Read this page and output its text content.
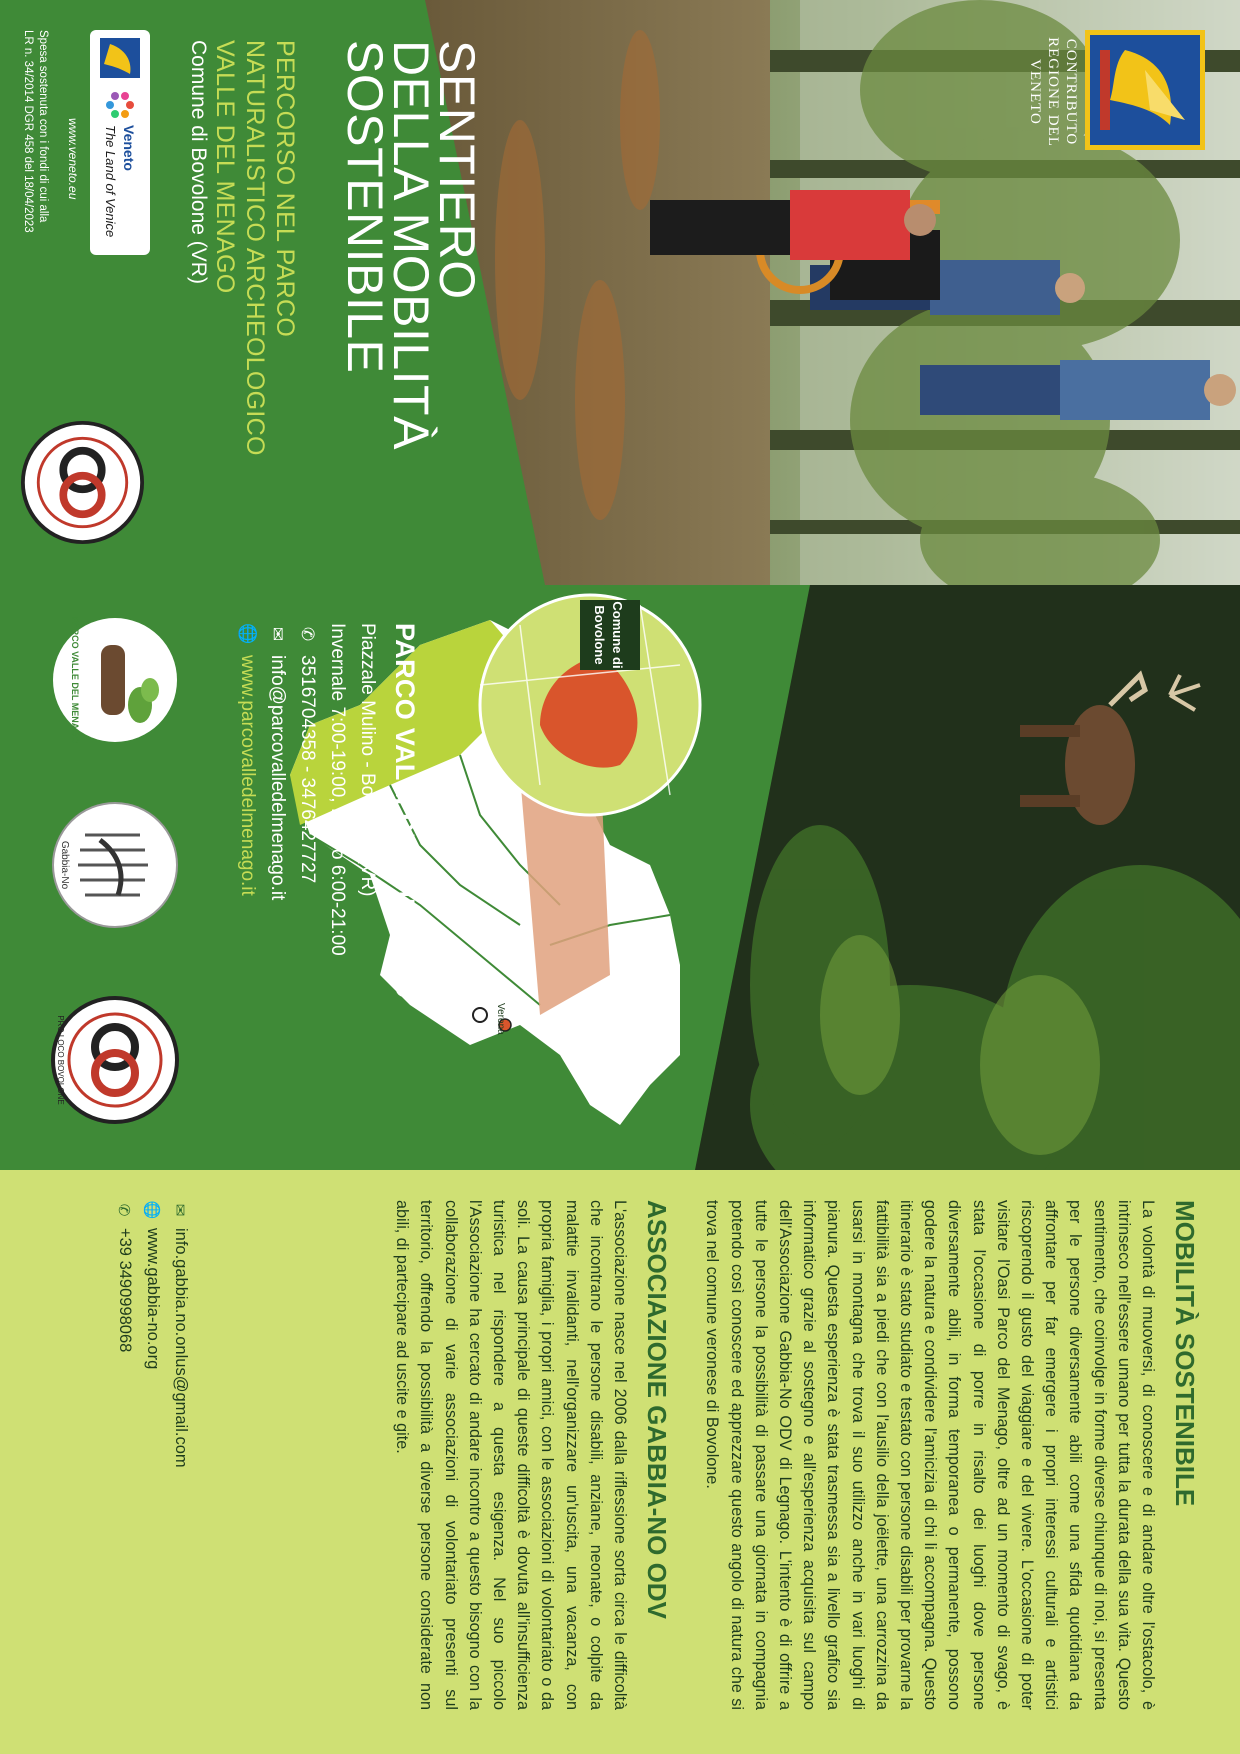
CONTRIBUTO
REGIONE DEL VENETO
SENTIERO
DELLA MOBILITÀ
SOSTENIBILE
PERCORSO NEL PARCO
NATURALISTICO ARCHEOLOGICO
VALLE DEL MENAGO
Comune di Bovolone (VR)
Veneto
The Land of Venice
www.veneto.eu
Spesa sostenuta con i fondi di cui alla
LR n. 34/2014 DGR 458 del 18/04/2023
Verona
Comune di
Bovolone
PARCO VALLI DEL MENAGO
Piazzale Mulino - Bovolone (VR)
Invernale 7:00-19:00, Estivo 6:00-21:00
✆
3516704358 - 3476427727
✉
info@parcovalledelmenago.it
🌐
www.parcovalledelmenago.it
PARCO VALLE DEL MENAGO
Gabbia-No
PRO LOCO BOVOLONE
MOBILITÀ SOSTENIBILE
La volontà di muoversi, di conoscere e di andare oltre l'ostacolo, è intrinseco nell'essere umano per tutta la durata della sua vita. Questo sentimento, che coinvolge in forme diverse chiunque di noi, si presenta per le persone diversamente abili come una sfida quotidiana da affrontare per far emergere i propri interessi culturali e artistici riscoprendo il gusto del viaggiare e del vivere. L'occasione di poter visitare l'Oasi Parco del Menago, oltre ad un momento di svago, è stata l'occasione di porre in risalto dei luoghi dove persone diversamente abili, in forma temporanea o permanente, possono godere la natura e condividere l'amicizia di chi li accompagna. Questo itinerario è stato studiato e testato con persone disabili per provarne la fattibilità sia a piedi che con l'ausilio della joëlette, una carrozzina da usarsi in montagna che trova il suo utilizzo anche in vari luoghi di pianura. Questa esperienza è stata trasmessa sia a livello grafico sia informatico grazie al sostegno e all'esperienza acquisita sul campo dell'Associazione Gabbia-No ODV di Legnago. L'intento è di offrire a tutte le persone la possibilità di passare una giornata in compagnia potendo così conoscere ed apprezzare questo angolo di natura che si trova nel comune veronese di Bovolone.
ASSOCIAZIONE GABBIA-NO ODV
L'associazione nasce nel 2006 dalla riflessione sorta circa le difficoltà che incontrano le persone disabili, anziane, neonate, o colpite da malattie invalidanti, nell'organizzare un'uscita, una vacanza, con propria famiglia, i propri amici, con le associazioni di volontariato o da soli. La causa principale di queste difficoltà è dovuta all'insufficienza turistica nel rispondere a questa esigenza. Nel suo piccolo l'Associazione ha cercato di andare incontro a questo bisogno con la collaborazione di varie associazioni di volontariato presenti sul territorio, offrendo la possibilità a diverse persone considerate non abili, di partecipare ad uscite e gite.
✉
info.gabbia.no.onlus@gmail.com
🌐
www.gabbia-no.org
✆
+39 3490998068
